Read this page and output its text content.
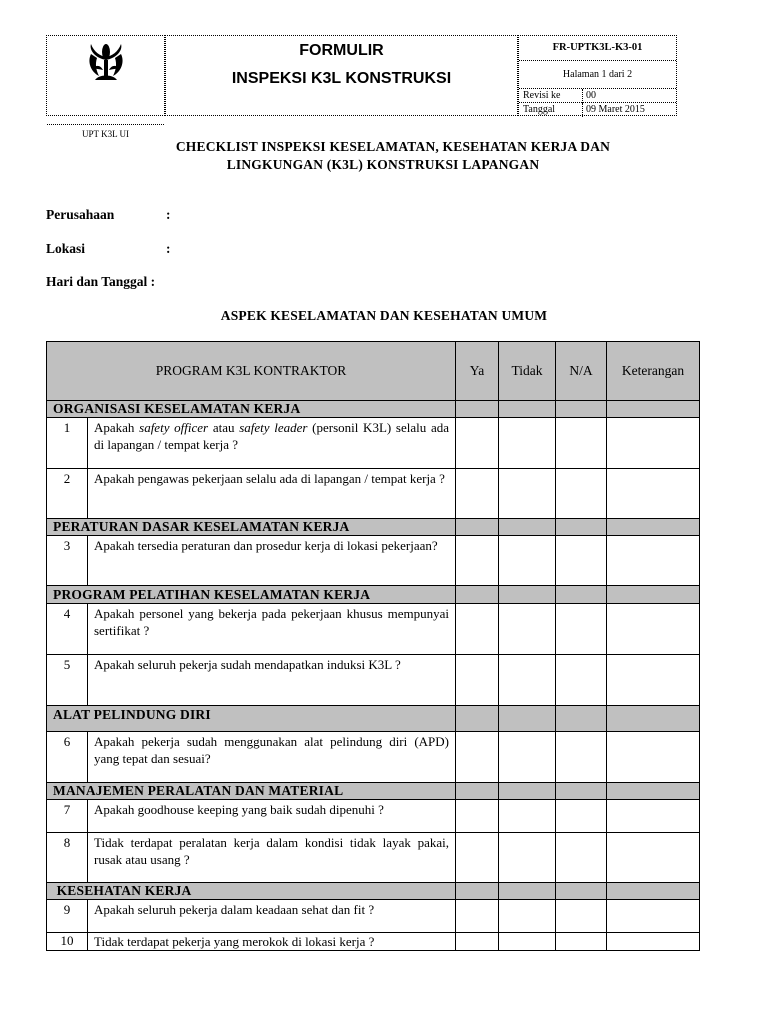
UPT K3L UI
FORMULIR
INSPEKSI K3L KONSTRUKSI
FR-UPTK3L-K3-01
Halaman 1 dari 2
Revisi ke	00
Tanggal	09 Maret 2015
CHECKLIST INSPEKSI KESELAMATAN, KESEHATAN KERJA DAN
LINGKUNGAN (K3L) KONSTRUKSI LAPANGAN
Perusahaan	:
Lokasi	:
Hari dan Tanggal :
ASPEK KESELAMATAN DAN KESEHATAN UMUM
PROGRAM K3L KONTRAKTOR		Ya	Tidak	N/A	Keterangan
ORGANISASI KESELAMATAN KERJA					
1	Apakah safety officer atau safety leader (personil K3L) selalu ada di lapangan / tempat kerja ?				
2	Apakah pengawas pekerjaan selalu ada di lapangan / tempat kerja ?				
PERATURAN DASAR KESELAMATAN KERJA					
3	Apakah tersedia peraturan dan prosedur kerja di lokasi pekerjaan?				
PROGRAM PELATIHAN KESELAMATAN KERJA					
4	Apakah personel yang bekerja pada pekerjaan khusus mempunyai sertifikat ?				
5	Apakah seluruh pekerja sudah mendapatkan induksi K3L ?				
ALAT PELINDUNG DIRI					
6	Apakah pekerja sudah menggunakan alat pelindung diri (APD) yang tepat dan sesuai?				
MANAJEMEN PERALATAN DAN MATERIAL					
7	Apakah goodhouse keeping yang baik sudah dipenuhi ?				
8	Tidak terdapat peralatan kerja dalam kondisi tidak layak pakai, rusak atau usang ?				
KESEHATAN KERJA					
9	Apakah seluruh pekerja dalam keadaan sehat dan fit ?				
10	Tidak terdapat pekerja yang merokok di lokasi kerja ?				
